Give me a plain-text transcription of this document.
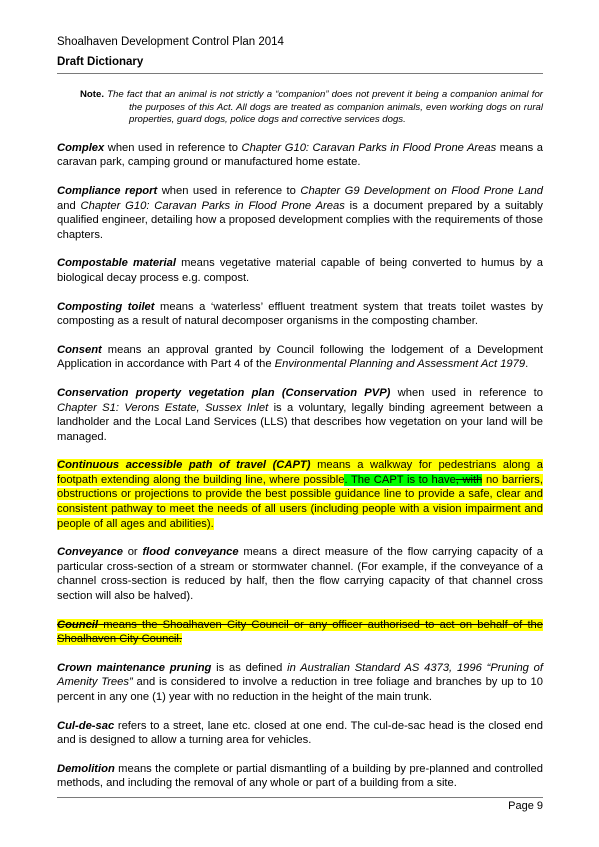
Shoalhaven Development Control Plan 2014
Draft Dictionary

Note. The fact that an animal is not strictly a “companion” does not prevent it being a companion animal for the purposes of this Act. All dogs are treated as companion animals, even working dogs on rural properties, guard dogs, police dogs and corrective services dogs.

Complex when used in reference to Chapter G10: Caravan Parks in Flood Prone Areas means a caravan park, camping ground or manufactured home estate.

Compliance report when used in reference to Chapter G9 Development on Flood Prone Land and Chapter G10: Caravan Parks in Flood Prone Areas is a document prepared by a suitably qualified engineer, detailing how a proposed development complies with the requirements of those chapters.

Compostable material means vegetative material capable of being converted to humus by a biological decay process e.g. compost.

Composting toilet means a ‘waterless’ effluent treatment system that treats toilet wastes by composting as a result of natural decomposer organisms in the composting chamber.

Consent means an approval granted by Council following the lodgement of a Development Application in accordance with Part 4 of the Environmental Planning and Assessment Act 1979.

Conservation property vegetation plan (Conservation PVP) when used in reference to Chapter S1: Verons Estate, Sussex Inlet is a voluntary, legally binding agreement between a landholder and the Local Land Services (LLS) that describes how vegetation on your land will be managed.

Continuous accessible path of travel (CAPT) means a walkway for pedestrians along a footpath extending along the building line, where possible. The CAPT is to have, with no barriers, obstructions or projections to provide the best possible guidance line to provide a safe, clear and consistent pathway to meet the needs of all users (including people with a vision impairment and people of all ages and abilities).

Conveyance or flood conveyance means a direct measure of the flow carrying capacity of a particular cross-section of a stream or stormwater channel. (For example, if the conveyance of a channel cross-section is reduced by half, then the flow carrying capacity of that channel cross section will also be halved).

Council means the Shoalhaven City Council or any officer authorised to act on behalf of the Shoalhaven City Council.

Crown maintenance pruning is as defined in Australian Standard AS 4373, 1996 “Pruning of Amenity Trees” and is considered to involve a reduction in tree foliage and branches by up to 10 percent in any one (1) year with no reduction in the height of the main trunk.

Cul-de-sac refers to a street, lane etc. closed at one end. The cul-de-sac head is the closed end and is designed to allow a turning area for vehicles.

Demolition means the complete or partial dismantling of a building by pre-planned and controlled methods, and including the removal of any whole or part of a building from a site.

Page 9
